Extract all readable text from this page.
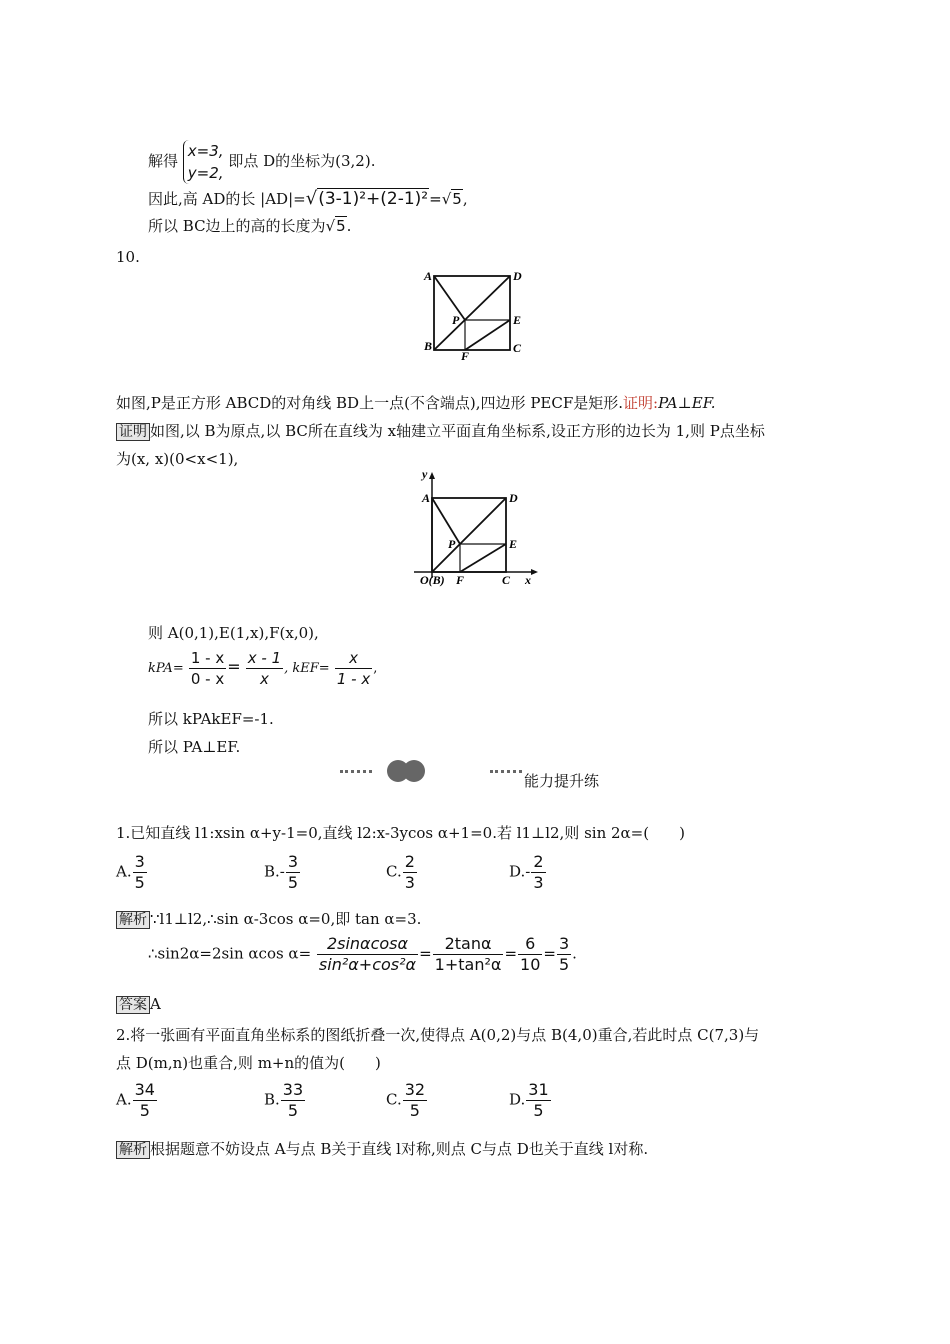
解得
x=3,
y=2,
即点 D的坐标为(3,2).
因此,高 AD的长 |AD|=√(3-1)²+(2-1)²=√5,
所以 BC边上的高的长度为√5.
10.
A	D
P	E
B
F
C
如图,P是正方形 ABCD的对角线 BD上一点(不含端点),四边形 PECF是矩形.证明:PA⊥EF.
证明 如图,以 B为原点,以 BC所在直线为 x轴建立平面直角坐标系,设正方形的边长为 1,则 P点坐标
为(x, x)(0<x<1),
y
A	D
P	E
O(B) F	C x
则 A(0,1),E(1,x),F(x,0),
$kPA= \frac{1 - x}{0 - x} = \frac{x - 1}{x}$ , $kEF= \frac{x}{1 - x}$ ,
所以 kPAkEF=-1.
所以 PA⊥EF.

能力提升练
1.已知直线 l1:xsin α+y-1=0,直线 l2:x-3ycos α+1=0.若 l1⊥l2,则 sin 2α=(　　)
A. $\frac{3}{5}$	$B.- \frac{3}{5}$	C. $\frac{2}{3}$	$D.- \frac{2}{3}$
解析 ∵l1⊥l2,∴sin α-3cos α=0,即 tan α=3.
∴sin2α=2sin αcos $\alpha= \frac{2\sin\alpha\cos\alpha}{\text{sin²α+cos²α}} = \frac{2\tan\alpha}{\text{1+tan²α}} = \frac{6}{10} = \frac{3}{5}$ .
答案 A
2.将一张画有平面直角坐标系的图纸折叠一次,使得点 A(0,2)与点 B(4,0)重合,若此时点 C(7,3)与
点 D(m,n)也重合,则 m+n的值为(　　)
A. $\frac{34}{5}$	B. $\frac{33}{5}$	C. $\frac{32}{5}$	D. $\frac{31}{5}$
解析 根据题意不妨设点 A与点 B关于直线 l对称,则点 C与点 D也关于直线 l对称.
